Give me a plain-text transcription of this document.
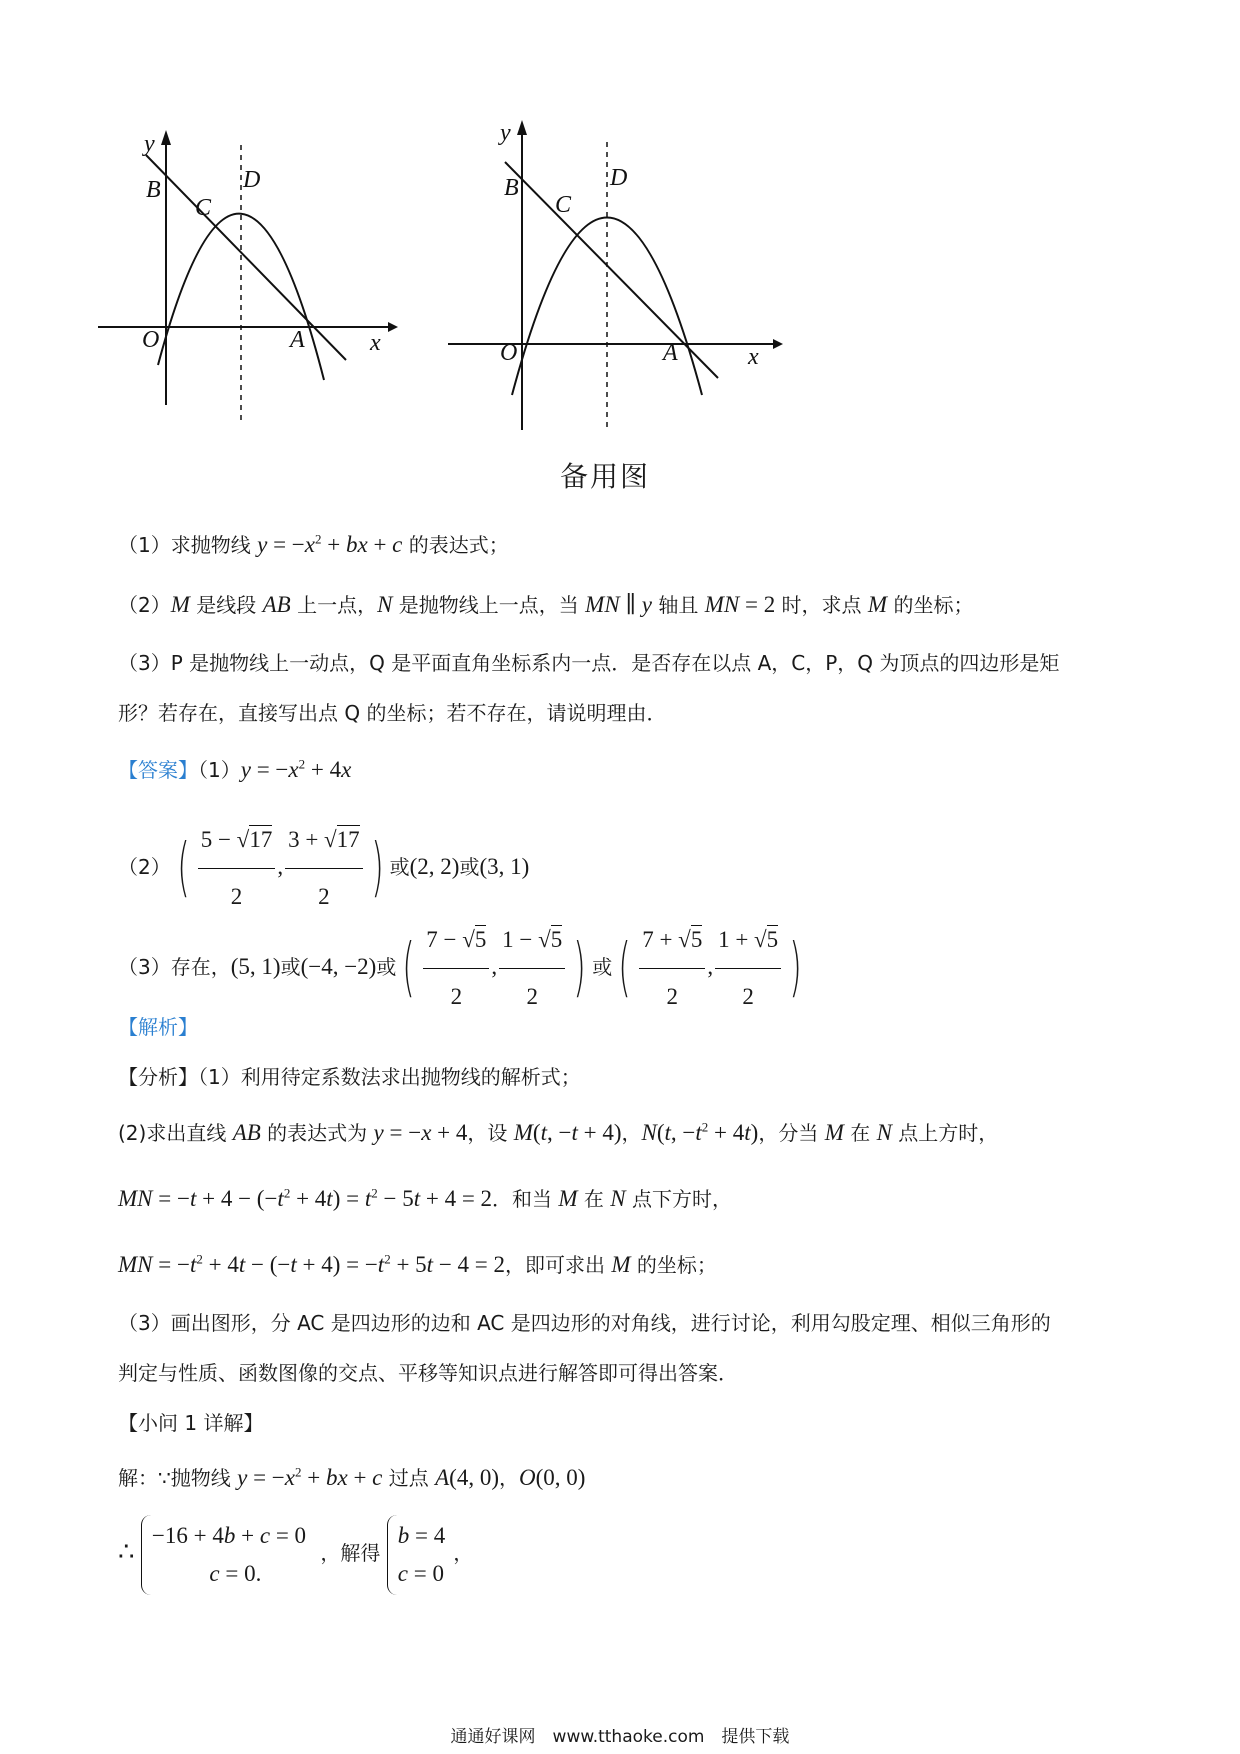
y
x
B
C
D
O	A
y
x
B
C
D
O	A
备用图
（1）求抛物线 $y = -x^2$ + bx + c 的表达式；
（2）M 是线段 AB 上一点，N 是抛物线上一点，当 MN ∥ y 轴且 MN = 2 时，求点 M 的坐标；
（3）P 是抛物线上一动点，Q 是平面直角坐标系内一点．是否存在以点 A，C，P，Q 为顶点的四边形是矩
形？若存在，直接写出点 Q 的坐标；若不存在，请说明理由．
【答案】$(1)y = -x^2 + 4x$
$(2)( \frac{5 - √17}{2}$ , $\frac{3 + √17}{2}$ ) 或(2, 2)或(3, 1)
（3）存在，(5, 1)或(−4, −2)或( $\frac{7 - √5}{2}$ , $\frac{1 - √5}{2}$ ) 或( $\frac{7 + √5}{2}$ , $\frac{1 + √5}{2}$ )
【解析】
【分析】（1）利用待定系数法求出抛物线的解析式；
(2)求出直线 AB 的表达式为 y = −x + 4，设 M(t, −t + 4)，N(t, $-t^2 + 4t$)，分当 M 在 N 点上方时，
MN = $-t + 4 - (-t^2 + 4t) = t^2 - 5t + 4 = 2$．和当 M 在 N 点下方时，
MN = $-t^2 + 4t - (-t + 4) = -t^2 + 5t - 4 = 2$，即可求出 M 的坐标；
（3）画出图形，分 AC 是四边形的边和 AC 是四边形的对角线，进行讨论，利用勾股定理、相似三角形的
判定与性质、函数图像的交点、平移等知识点进行解答即可得出答案．
【小问 1 详解】
解：∵抛物线 $y = -x^2$ + bx + c 过点 A(4, 0)，O(0, 0)
∴ −16 + 4b + c = 0
   c = 0. ，解得 b = 4
c = 0，
通通好课网　www.tthaoke.com　提供下载
